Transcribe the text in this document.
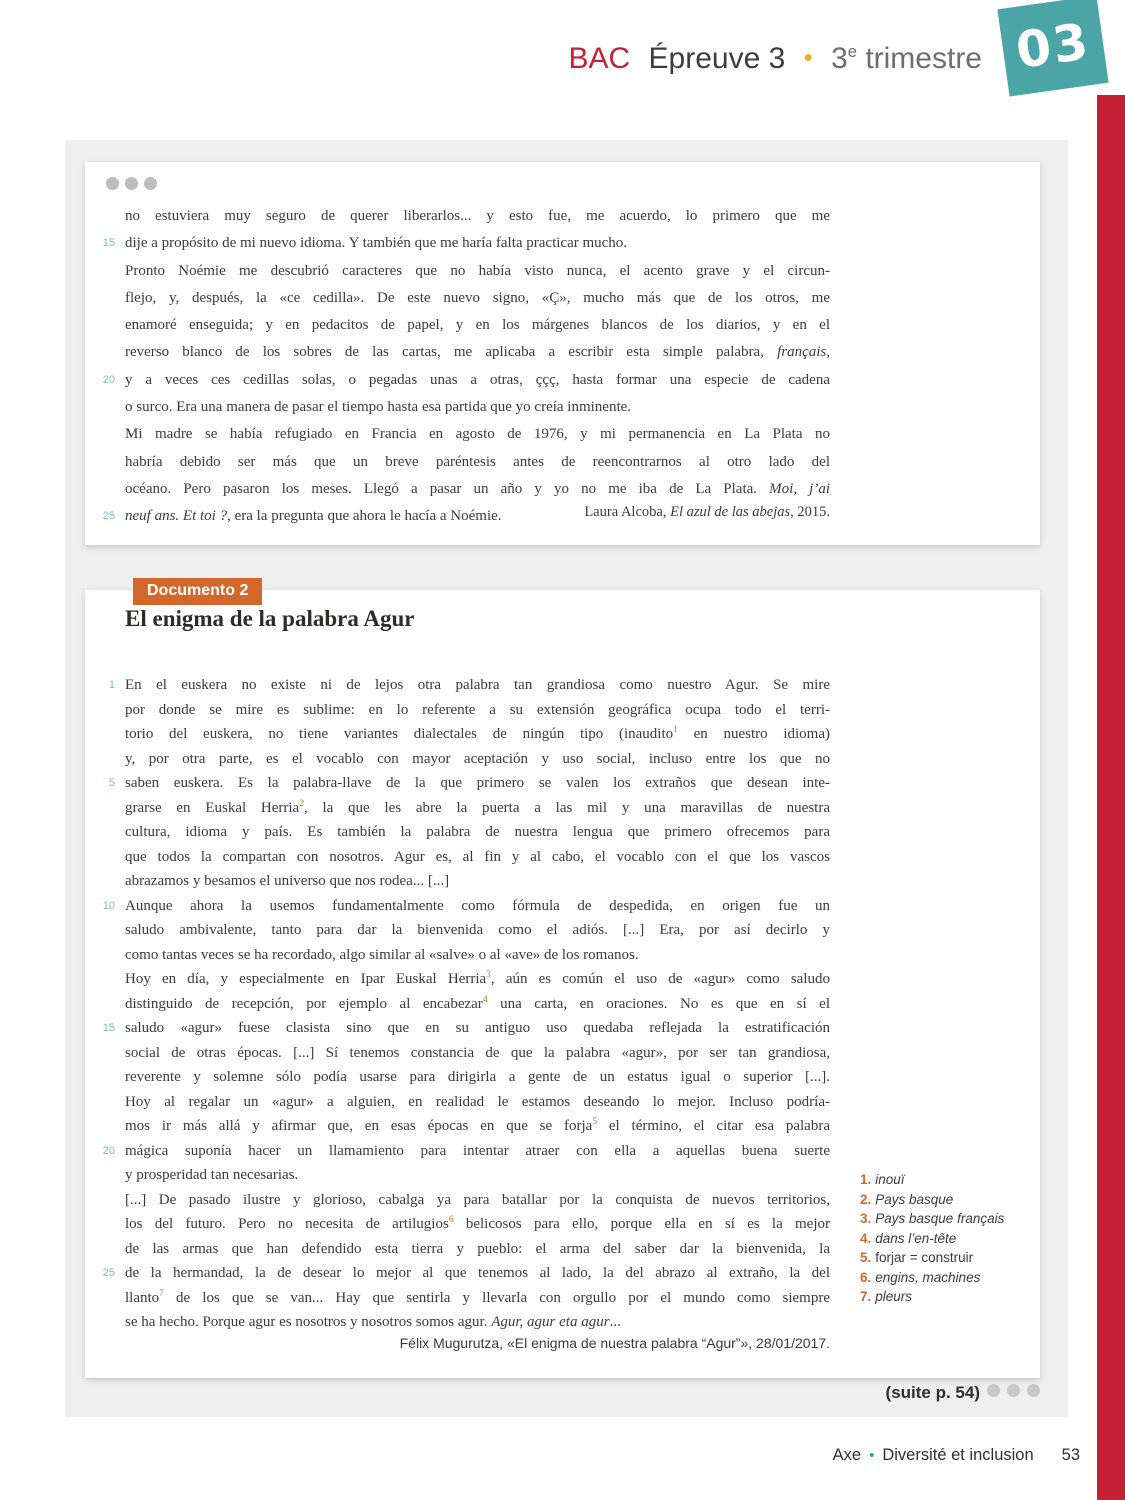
03
BAC Épreuve 3 • 3e trimestre
no estuviera muy seguro de querer liberarlos... y esto fue, me acuerdo, lo primero que me
15 dije a propósito de mi nuevo idioma. Y también que me haría falta practicar mucho.
Pronto Noémie me descubrió caracteres que no había visto nunca, el acento grave y el circun-
flejo, y, después, la «ce cedilla». De este nuevo signo, «Ç», mucho más que de los otros, me
enamoré enseguida; y en pedacitos de papel, y en los márgenes blancos de los diarios, y en el
reverso blanco de los sobres de las cartas, me aplicaba a escribir esta simple palabra, français,
20 y a veces ces cedillas solas, o pegadas unas a otras, ççç, hasta formar una especie de cadena
o surco. Era una manera de pasar el tiempo hasta esa partida que yo creía inminente.
Mi madre se había refugiado en Francia en agosto de 1976, y mi permanencia en La Plata no
habría debido ser más que un breve paréntesis antes de reencontrarnos al otro lado del
océano. Pero pasaron los meses. Llegó a pasar un año y yo no me iba de La Plata. Moi, j’ai
25 neuf ans. Et toi ?, era la pregunta que ahora le hacía a Noémie.	Laura Alcoba, El azul de las abejas, 2015.
Documento 2
El enigma de la palabra Agur
1 En el euskera no existe ni de lejos otra palabra tan grandiosa como nuestro Agur. Se mire
por donde se mire es sublime: en lo referente a su extensión geográfica ocupa todo el terri-
torio del euskera, no tiene variantes dialectales de ningún tipo (inaudito$^1$ en nuestro idioma)
y, por otra parte, es el vocablo con mayor aceptación y uso social, incluso entre los que no
5 saben euskera. Es la palabra-llave de la que primero se valen los extraños que desean inte-
grarse en Euskal Herria$^2$, la que les abre la puerta a las mil y una maravillas de nuestra
cultura, idioma y país. Es también la palabra de nuestra lengua que primero ofrecemos para
que todos la compartan con nosotros. Agur es, al fin y al cabo, el vocablo con el que los vascos
abrazamos y besamos el universo que nos rodea... [...]
10 Aunque ahora la usemos fundamentalmente como fórmula de despedida, en origen fue un
saludo ambivalente, tanto para dar la bienvenida como el adiós. [...] Era, por así decirlo y
como tantas veces se ha recordado, algo similar al «salve» o al «ave» de los romanos.
Hoy en día, y especialmente en Ipar Euskal Herria$^3$, aún es común el uso de «agur» como saludo
distinguido de recepción, por ejemplo al encabezar$^4$ una carta, en oraciones. No es que en sí el
15 saludo «agur» fuese clasista sino que en su antiguo uso quedaba reflejada la estratificación
social de otras épocas. [...] Sí tenemos constancia de que la palabra «agur», por ser tan grandiosa,
reverente y solemne sólo podía usarse para dirigirla a gente de un estatus igual o superior [...].
Hoy al regalar un «agur» a alguien, en realidad le estamos deseando lo mejor. Incluso podría-
mos ir más allá y afirmar que, en esas épocas en que se forja$^5$ el término, el citar esa palabra
20 mágica suponía hacer un llamamiento para intentar atraer con ella a aquellas buena suerte
y prosperidad tan necesarias.
[...] De pasado ilustre y glorioso, cabalga ya para batallar por la conquista de nuevos territorios,
los del futuro. Pero no necesita de artilugios$^6$ belicosos para ello, porque ella en sí es la mejor
de las armas que han defendido esta tierra y pueblo: el arma del saber dar la bienvenida, la
25 de la hermandad, la de desear lo mejor al que tenemos al lado, la del abrazo al extraño, la del
llanto$^7$ de los que se van... Hay que sentirla y llevarla con orgullo por el mundo como siempre
se ha hecho. Porque agur es nosotros y nosotros somos agur. Agur, agur eta agur...
1. inouï
2. Pays basque
3. Pays basque français
4. dans l’en-tête
5. forjar = construir
6. engins, machines
7. pleurs
Félix Mugurutza, «El enigma de nuestra palabra “Agur”», 28/01/2017.
(suite p. 54)
Axe • Diversité et inclusion 53
